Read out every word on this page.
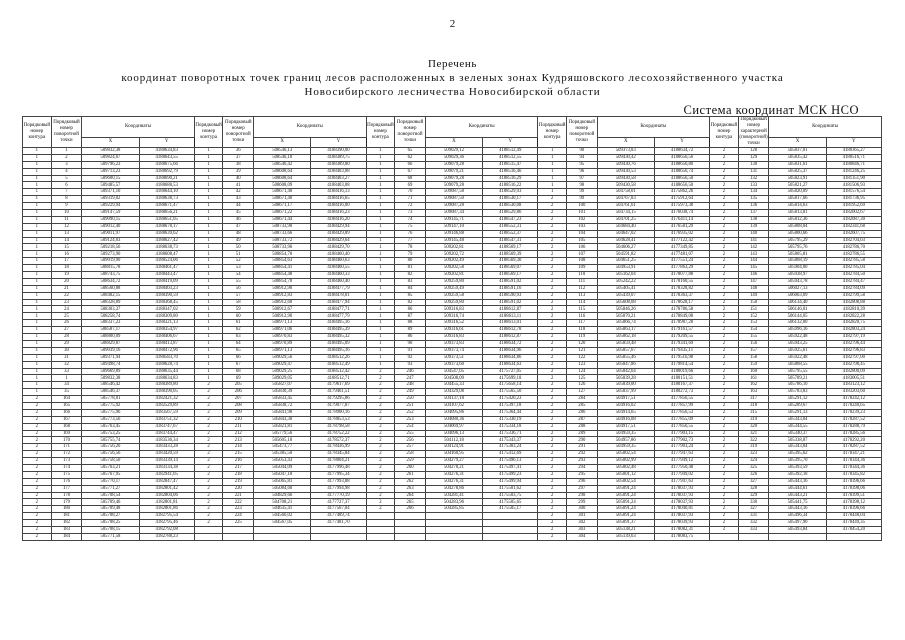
2
Перечень
координат поворотных точек границ лесов расположенных в зеленых зонах Кудряшовского лесохозяйственного участка
Новосибирского лесничества Новосибирской области
Система координат МСК НСО
Порядковый номер контура	Порядковый номер поворотной точки	Координаты		Порядковый номер контура	Порядковый номер поворотной точки	Координаты		Порядковый номер контура	Порядковый номер поворотной точки	Координаты		Порядковый номер контура	Порядковый номер поворотной точки	Координаты		Порядковый номер контура	Порядковый номер характерной (поворотной) точки	Координаты	
		X	Y			X	Y			X	Y			X	Y			X	Y
1	1	509832,38	4188634,83	1	36	508546,13	4188390,00	1	65	509029,12	4188512,49	1	90	509373,83	4188634,72	2	128	505837,01	4180365,27
1	2	509824,67	4188643,55	1	37	508546,18	4188389,75	1	62	509029,36	4188512,55	1	94	509430,42	4188656,56	2	129	505835,42	4180516,71
1	3	509796,23	4188675,66	1	38	508546,42	4188389,80	1	66	509079,28	4188515,47	1	95	509430,76	4188656,80	2	130	505831,61	4180846,71
1	4	509713,23	4188692,79	1	39	508608,64	4188403,08	1	67	509079,21	4188516,46	1	96	509430,53	4188656,74	2	131	505825,37	4181246,25
1	5	509600,15	4188690,21	1	40	508608,64	4188403,27	1	68	509079,28	4188516,29	1	97	509430,58	4188656,50	2	132	505823,91	4181351,90
1	6	509485,57	4188688,53	1	41	508608,09	4188403,08	1	69	509079,28	4188516,22	1	98	509430,58	4188656,50	2	133	505821,27	4181506,93
1	7	509371,10	4188644,10	1	42	508671,40	4188416,13	1	70	509087,58	4188529,93	1	99	504758,01	4175862,26	2	134	505820,09	4181576,54
1	8	509319,02	4188638,73	1	43	508671,40	4188416,65	1	71	509087,50	4188530,17	2	99	504767,83	4175912,64	2	135	505817,66	4181736,95
1	9	509229,94	4188671,47	1	44	508671,17	4188416,00	1	72	509087,28	4188530,08	2	100	504761,61	4175973,38	2	136	505814,63	4181952,69
1	10	509147,59	4188656,21	1	45	508671,22	4188416,23	1	73	509087,34	4188529,86	2	101	504734,15	4176038,74	2	137	505813,81	4182002,67
1	11	509090,15	4188651,05	1	46	508671,44	4188416,20	1	74	509145,71	4188547,23	2	102	504701,25	4176411,14	2	138	505812,36	4182087,30
1	12	509012,40	4188678,17	1	47	508733,90	4188429,94	1	75	509147,10	4188552,31	2	103	504684,40	4176581,29	2	139	505808,04	4182341,68
1	13	509011,97	4188639,62	1	48	508733,66	4188429,89	1	76	509146,88	4188552,37	2	104	504647,02	4176935,02	2	140	505800,66	4182607,75
1	14	509124,03	4188627,42	1	49	508733,72	4188429,64	1	77	509145,48	4188547,31	2	105	504628,41	4177122,42	2	141	505795,29	4182704,03
1	15	509218,56	4188638,73	1	50	508733,96	4188429,70	1	78	509202,81	4188569,17	2	106	504606,27	4177349,85	2	142	505795,76	4182786,70
1	16	509273,90	4188608,47	1	51	508854,70	4188460,40	1	79	509202,72	4188569,39	2	107	504591,82	4177481,07	2	143	505805,81	4182786,55
1	17	509019,90	4188524,06	1	52	508854,63	4188460,63	1	80	509202,49	4188569,30	2	108	504651,25	4177551,24	2	144	505868,19	4182785,58
1	18	508815,78	4188461,47	1	53	508854,41	4188460,55	1	81	509202,58	4188569,07	2	109	504953,91	4177863,29	2	145	505904,00	4182785,04
1	19	508743,75	4188443,47	1	54	508854,48	4188460,33	1	82	509202,81	4188569,17	2	110	505162,04	4178077,88	2	146	505938,97	4182784,50
1	20	508634,72	4188419,09	1	55	508854,70	4188460,40	1	83	509259,80	4188591,02	2	111	505242,22	4178160,55	2	147	505943,78	4182784,47
1	21	508560,88	4188403,23	1	56	508912,90	4188477,79	1	84	509259,49	4188591,16	2	112	505405,41	4178328,82	2	148	506027,13	4182784,09
1	22	508482,15	4188390,59	1	57	508912,83	4188478,01	1	85	509259,58	4188590,93	2	113	505439,07	4178363,37	2	149	506063,09	4182799,58
1	23	508328,89	4188368,45	1	58	508912,60	4188477,94	1	82	509259,80	4188591,02	2	114	505608,08	4178628,17	2	150	506134,40	4182808,88
1	24	508303,37	4188347,02	1	59	508912,67	4188477,71	1	86	509316,83	4188612,87	2	115	505846,26	4178786,58	2	151	506146,01	4182810,39
1	25	508258,74	4188309,80	1	60	508912,90	4188477,79	1	87	509316,74	4188613,11	2	116	505870,21	4178849,08	2	152	506144,05	4182822,28
1	26	508337,23	4188321,13	1	61	508971,13	4188495,16	1	88	509316,52	4188613,01	2	117	505866,74	4178987,28	2	153	506132,00	4182820,75
1	27	508587,17	4188354,97	1	62	508971,06	4188495,39	1	89	509316,61	4188612,78	2	118	505863,17	4179161,57	2	154	505996,16	4182803,24
1	28	508800,09	4188406,67	1	63	508970,83	4188495,32	1	86	509316,83	4188612,87	2	119	505862,18	4179209,55	2	155	505922,48	4182797,19
1	29	508829,87	4188413,87	1	64	508970,89	4188495,09	1	90	509373,83	4188634,72	2	120	505859,48	4179341,69	2	156	505943,25	4182796,44
1	30	509039,16	4188472,96	1	65	508971,13	4188495,16	1	91	509373,74	4188634,96	2	121	505857,67	4179435,11	2	157	505925,61	4182796,83
1	31	509371,94	4188583,70	1	66	509029,56	4188512,26	1	92	509373,51	4188634,86	2	122	505855,46	4179516,98	2	158	505922,48	4182797,00
1	32	509498,74	4188628,74	1	67	509029,47	4188512,49	1	93	509373,60	4188634,63	2	123	505847,86	4179814,54	2	159	505868,55	4182798,45
1	33	509669,89	4188635,44	1	68	509029,25	4188512,42	2	246	504547,05	4175727,05	2	124	505842,64	4180019,66	2	160	505795,55	4182800,09
1	1	509832,38	4188634,83	1	69	509029,05	4188512,71	2	247	504508,09	4175699,18	2	125	505839,28	4180151,51	2	161	505789,21	4183005,51
1	34	508546,42	4188389,80	2	205	505827,07	4179617,69	2	248	504455,33	4175658,14	2	126	505839,00	4180167,37	2	162	505786,10	4183123,12
1	35	508546,37	4188390,05	2	206	505830,39	4179461,51	2	249	504329,08	4175565,50	2	127	505837,99	4180272,73	2	163	505783,83	4183203,60
2	164	505778,01	4182421,32	2	207	505833,45	4179295,06	2	250	504137,18	4175420,23	2	284	504917,51	4177856,55	2	317	505291,12	4178242,12
2	165	505775,92	4182529,89	2	208	505838,72	4179077,87	2	251	504107,62	4175397,18	2	285	504916,02	4177857,99	2	318	505289,67	4178240,65
2	166	505775,96	4183567,59	2	209	505841,90	4178900,16	2	252	504095,86	4175364,44	2	286	504914,65	4177856,53	2	315	505291,13	4178239,23
2	167	505773,56	4183751,32	2	210	505843,30	4178853,53	2	253	504080,36	4175330,19	2	287	504916,08	4177855,09	2	319	505343,04	4178287,52
2	168	505763,45	4183747,67	2	211	505821,81	4178798,58	2	254	504069,97	4175334,18	2	288	504917,51	4177856,55	2	320	505344,55	4178288,79
2	169	505753,25	4183744,47	2	212	505779,56	4178752,22	2	255	504096,13	4175336,71	2	289	504959,35	4177903,15	2	321	505340,37	4178285,56
2	170	505755,74	4183536,34	2	213	505605,18	4178572,37	2	256	504112,18	4175343,37	2	290	504957,86	4177902,73	2	322	505338,87	4178292,20
2	171	505756,26	4183433,28	2	214	505473,77	4178436,99	2	257	504124,91	4175383,24	2	291	504959,35	4177903,24	2	319	505343,04	4178287,52
2	172	505756,56	4183420,59	2	215	505385,50	4178345,84	2	258	504160,95	4175412,69	2	292	505002,54	4177947,63	2	323	505395,62	4178347,21
2	173	505758,50	4183339,14	2	216	505053,43	4178004,21	2	259	504279,27	4175496,13	2	293	505002,99	4177949,12	2	324	505395,70	4178344,36
2	174	505763,21	4183134,38	2	217	505044,09	4177996,48	2	260	504278,21	4175497,41	2	294	505002,48	4177950,48	2	325	505393,59	4178344,36
2	175	505767,95	4182941,05	2	218	505047,18	4177995,34	2	261	504276,31	4175499,23	2	295	505001,12	4177949,02	2	326	505392,18	4178345,82
2	176	505770,17	4182847,47	2	219	505065,81	4177993,88	2	262	504276,31	4175499,94	2	296	505002,54	4177947,63	2	327	505443,16	4178396,66
2	177	505771,27	4182801,42	2	220	505084,60	4177994,98	2	263	504278,86	4175501,62	2	297	505091,24	4178037,93	2	328	505444,61	4178398,06
2	178	505708,54	4182804,06	2	221	504829,66	4177770,19	2	264	504281,41	4175503,75	2	298	505091,24	4178037,93	2	329	505443,21	4178399,51
2	179	505709,46	4182801,81	2	222	504708,21	4177727,37	2	265	504283,96	4175505,65	2	299	505091,24	4178037,93	2	330	505441,75	4178398,12
2	180	505709,48	4182801,86	2	223	504635,41	4177567,04	2	266	504285,85	4175505,17	2	300	505091,24	4178040,81	2	327	505443,16	4178396,66
2	181	505708,27	4182795,54	2	224	504566,02	4177489,74					2	301	505091,24	4178037,93	2	331	505496,34	4178448,04
2	182	505708,25	4182795,46	2	225	504567,05	4177481,70					2	302	505091,37	4178039,93	2	332	505497,90	4178449,35
2	183	505708,15	4182792,08									2	303	505138,21	4178082,31	2	333	505493,84	4178454,20
2	184	505771,58	4182788,23									2	304	505139,63	4178083,75				
